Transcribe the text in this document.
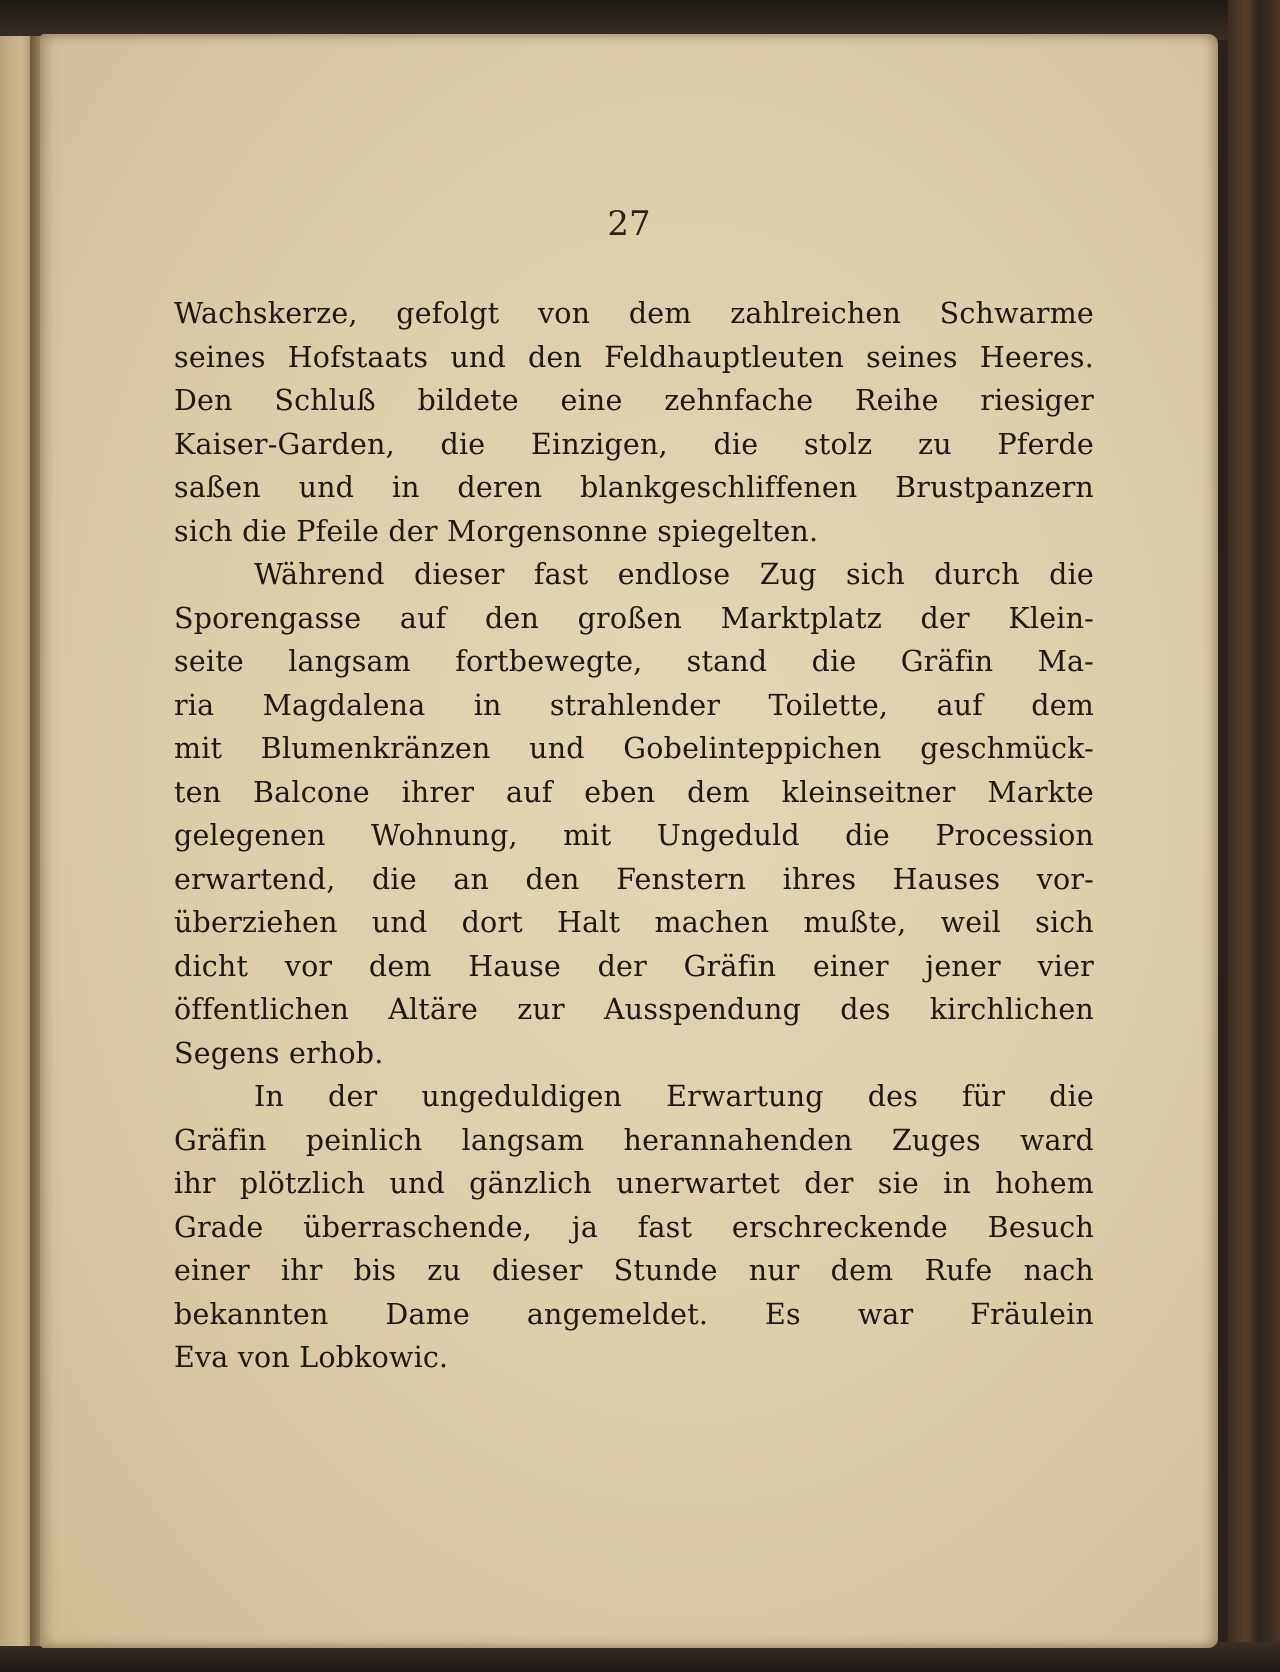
27
Wachskerze, gefolgt von dem zahlreichen Schwarme
seines Hofstaats und den Feldhauptleuten seines Heeres.
Den Schluß bildete eine zehnfache Reihe riesiger
Kaiser-Garden, die Einzigen, die stolz zu Pferde
saßen und in deren blankgeschliffenen Brustpanzern
sich die Pfeile der Morgensonne spiegelten.
Während dieser fast endlose Zug sich durch die
Sporengasse auf den großen Marktplatz der Klein-
seite langsam fortbewegte, stand die Gräfin Ma-
ria Magdalena in strahlender Toilette, auf dem
mit Blumenkränzen und Gobelinteppichen geschmück-
ten Balcone ihrer auf eben dem kleinseitner Markte
gelegenen Wohnung, mit Ungeduld die Procession
erwartend, die an den Fenstern ihres Hauses vor-
überziehen und dort Halt machen mußte, weil sich
dicht vor dem Hause der Gräfin einer jener vier
öffentlichen Altäre zur Ausspendung des kirchlichen
Segens erhob.
In der ungeduldigen Erwartung des für die
Gräfin peinlich langsam herannahenden Zuges ward
ihr plötzlich und gänzlich unerwartet der sie in hohem
Grade überraschende, ja fast erschreckende Besuch
einer ihr bis zu dieser Stunde nur dem Rufe nach
bekannten Dame angemeldet. Es war Fräulein
Eva von Lobkowic.
